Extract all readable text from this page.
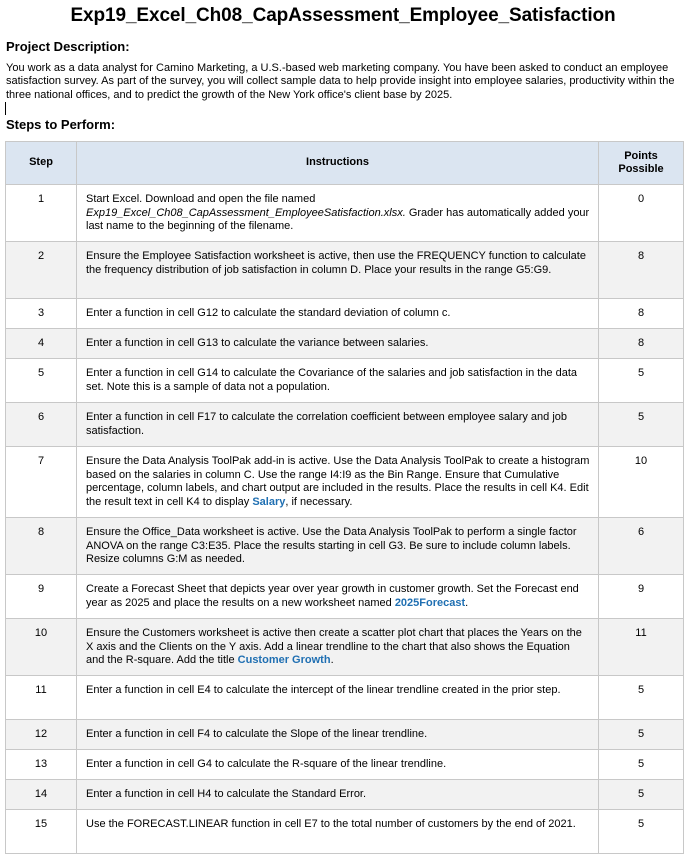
Exp19_Excel_Ch08_CapAssessment_Employee_Satisfaction
Project Description:
You work as a data analyst for Camino Marketing, a U.S.-based web marketing company. You have been asked to conduct an employee satisfaction survey. As part of the survey, you will collect sample data to help provide insight into employee salaries, productivity within the three national offices, and to predict the growth of the New York office's client base by 2025.

Steps to Perform:
Step	Instructions	Points Possible
1	Start Excel. Download and open the file named
Exp19_Excel_Ch08_CapAssessment_EmployeeSatisfaction.xlsx. Grader has automatically added your last name to the beginning of the filename.	0
2	Ensure the Employee Satisfaction worksheet is active, then use the FREQUENCY function to calculate the frequency distribution of job satisfaction in column D. Place your results in the range G5:G9.	8
3	Enter a function in cell G12 to calculate the standard deviation of column c.	8
4	Enter a function in cell G13 to calculate the variance between salaries.	8
5	Enter a function in cell G14 to calculate the Covariance of the salaries and job satisfaction in the data set. Note this is a sample of data not a population.	5
6	Enter a function in cell F17 to calculate the correlation coefficient between employee salary and job satisfaction.	5
7	Ensure the Data Analysis ToolPak add-in is active. Use the Data Analysis ToolPak to create a histogram based on the salaries in column C. Use the range I4:I9 as the Bin Range. Ensure that Cumulative percentage, column labels, and chart output are included in the results. Place the results in cell K4. Edit the result text in cell K4 to display Salary, if necessary.	10
8	Ensure the Office_Data worksheet is active. Use the Data Analysis ToolPak to perform a single factor ANOVA on the range C3:E35. Place the results starting in cell G3. Be sure to include column labels. Resize columns G:M as needed.	6
9	Create a Forecast Sheet that depicts year over year growth in customer growth. Set the Forecast end year as 2025 and place the results on a new worksheet named 2025Forecast.	9
10	Ensure the Customers worksheet is active then create a scatter plot chart that places the Years on the X axis and the Clients on the Y axis. Add a linear trendline to the chart that also shows the Equation and the R-square. Add the title Customer Growth.	11
11	Enter a function in cell E4 to calculate the intercept of the linear trendline created in the prior step.	5
12	Enter a function in cell F4 to calculate the Slope of the linear trendline.	5
13	Enter a function in cell G4 to calculate the R-square of the linear trendline.	5
14	Enter a function in cell H4 to calculate the Standard Error.	5
15	Use the FORECAST.LINEAR function in cell E7 to the total number of customers by the end of 2021.	5
